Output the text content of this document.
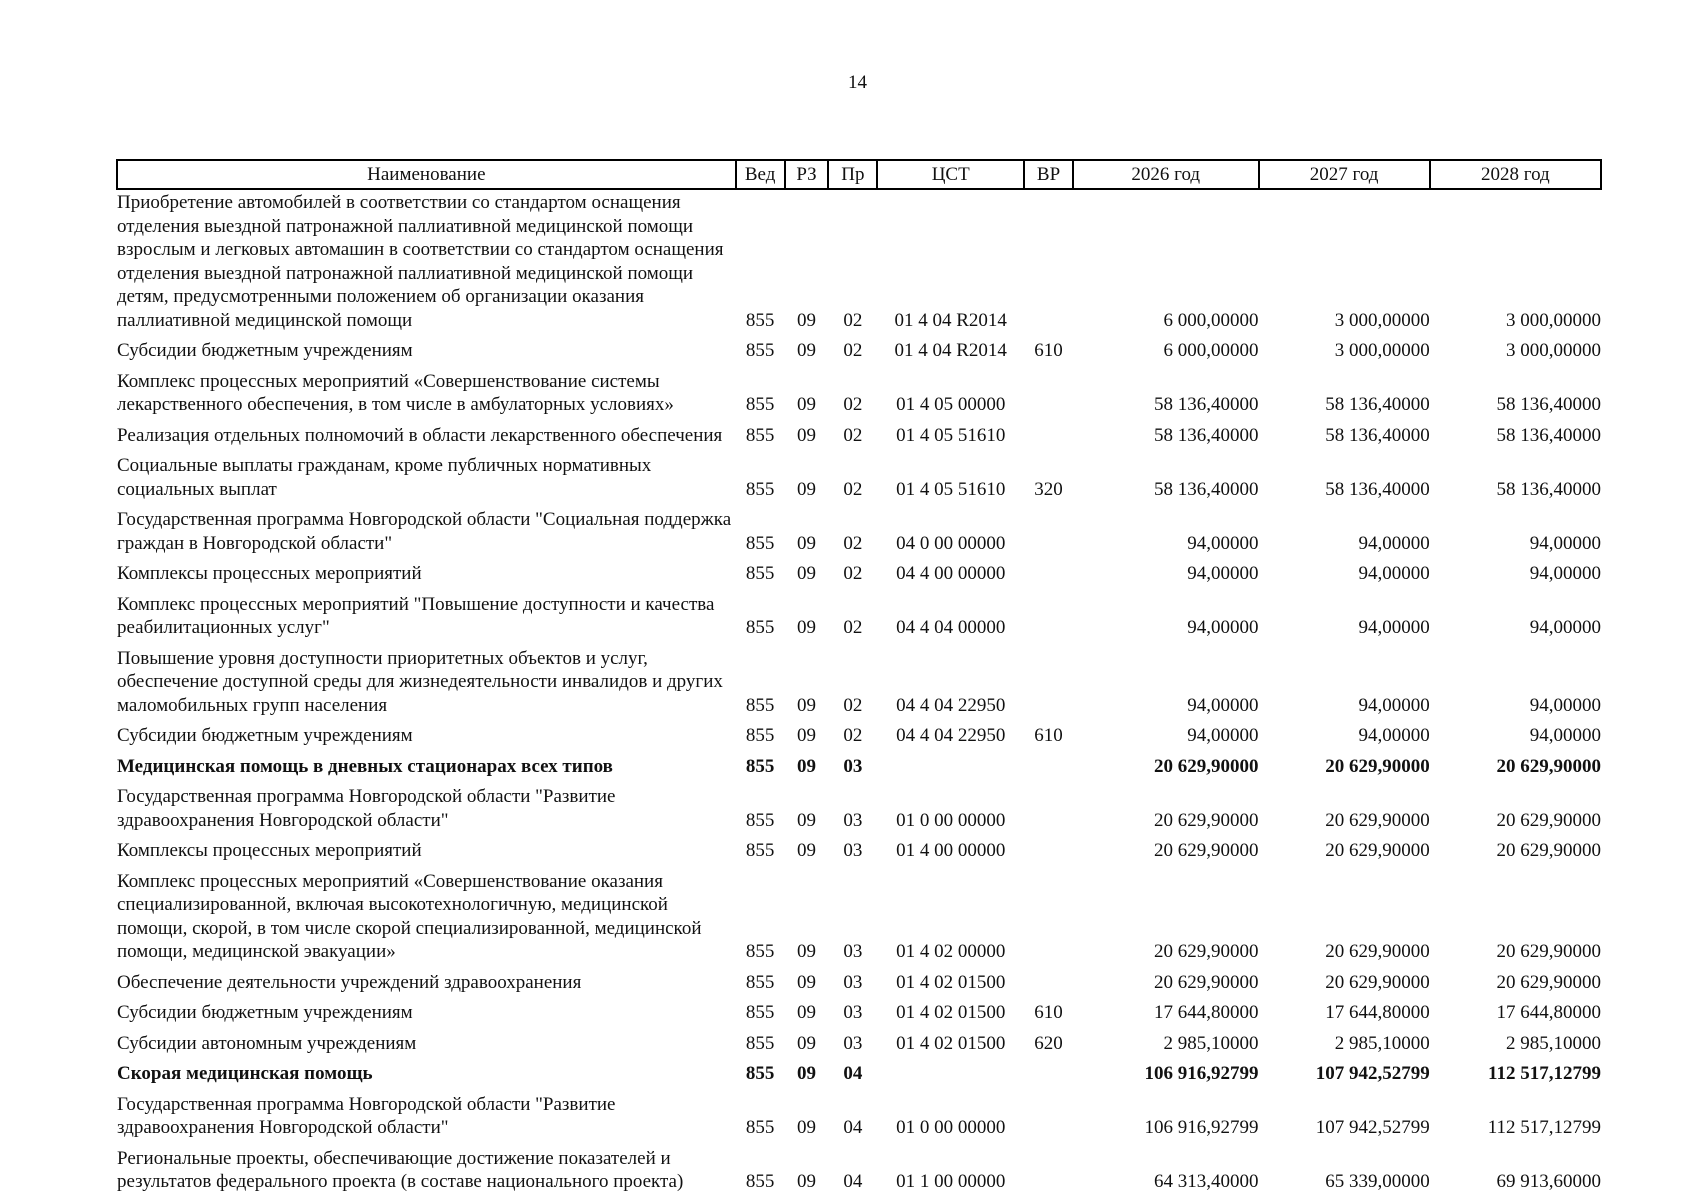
14
Наименование	Вед	РЗ	Пр	ЦСТ	ВР	2026 год	2027 год	2028 год
Приобретение автомобилей в соответствии со стандартом оснащения отделения выездной патронажной паллиативной медицинской помощи взрослым и легковых автомашин в соответствии со стандартом оснащения отделения выездной патронажной паллиативной медицинской помощи детям, предусмотренными положением об организации оказания паллиативной медицинской помощи	855	09	02	01 4 04 R2014		6 000,00000	3 000,00000	3 000,00000
Субсидии бюджетным учреждениям	855	09	02	01 4 04 R2014	610	6 000,00000	3 000,00000	3 000,00000
Комплекс процессных мероприятий «Совершенствование системы лекарственного обеспечения, в том числе в амбулаторных условиях»	855	09	02	01 4 05 00000		58 136,40000	58 136,40000	58 136,40000
Реализация отдельных полномочий в области лекарственного обеспечения	855	09	02	01 4 05 51610		58 136,40000	58 136,40000	58 136,40000
Социальные выплаты гражданам, кроме публичных нормативных социальных выплат	855	09	02	01 4 05 51610	320	58 136,40000	58 136,40000	58 136,40000
Государственная программа Новгородской области "Социальная поддержка граждан в Новгородской области"	855	09	02	04 0 00 00000		94,00000	94,00000	94,00000
Комплексы процессных мероприятий	855	09	02	04 4 00 00000		94,00000	94,00000	94,00000
Комплекс процессных мероприятий "Повышение доступности и качества реабилитационных услуг"	855	09	02	04 4 04 00000		94,00000	94,00000	94,00000
Повышение уровня доступности приоритетных объектов и услуг, обеспечение доступной среды для жизнедеятельности инвалидов и других маломобильных групп населения	855	09	02	04 4 04 22950		94,00000	94,00000	94,00000
Субсидии бюджетным учреждениям	855	09	02	04 4 04 22950	610	94,00000	94,00000	94,00000
Медицинская помощь в дневных стационарах всех типов	855	09	03			20 629,90000	20 629,90000	20 629,90000
Государственная программа Новгородской области "Развитие здравоохранения Новгородской области"	855	09	03	01 0 00 00000		20 629,90000	20 629,90000	20 629,90000
Комплексы процессных мероприятий	855	09	03	01 4 00 00000		20 629,90000	20 629,90000	20 629,90000
Комплекс процессных мероприятий «Совершенствование оказания специализированной, включая высокотехнологичную, медицинской помощи, скорой, в том числе скорой специализированной, медицинской помощи, медицинской эвакуации»	855	09	03	01 4 02 00000		20 629,90000	20 629,90000	20 629,90000
Обеспечение деятельности учреждений здравоохранения	855	09	03	01 4 02 01500		20 629,90000	20 629,90000	20 629,90000
Субсидии бюджетным учреждениям	855	09	03	01 4 02 01500	610	17 644,80000	17 644,80000	17 644,80000
Субсидии автономным учреждениям	855	09	03	01 4 02 01500	620	2 985,10000	2 985,10000	2 985,10000
Скорая медицинская помощь	855	09	04			106 916,92799	107 942,52799	112 517,12799
Государственная программа Новгородской области "Развитие здравоохранения Новгородской области"	855	09	04	01 0 00 00000		106 916,92799	107 942,52799	112 517,12799
Региональные проекты, обеспечивающие достижение показателей и результатов федерального проекта (в составе национального проекта)	855	09	04	01 1 00 00000		64 313,40000	65 339,00000	69 913,60000
